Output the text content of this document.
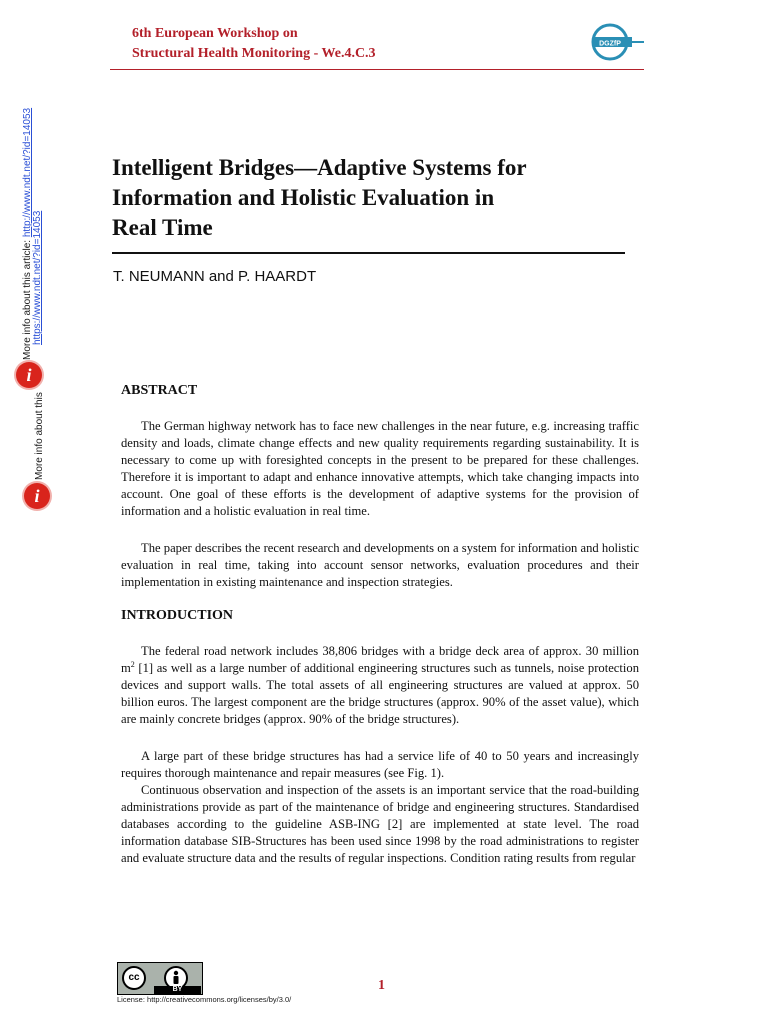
6th European Workshop on
Structural Health Monitoring - We.4.C.3
DGZfP
More info about this article: http://www.ndt.net/?id=14053
https://www.ndt.net/?id=14053
i
More info about this
i
Intelligent Bridges—Adaptive Systems for
Information and Holistic Evaluation in
Real Time
T. NEUMANN and P. HAARDT
ABSTRACT
The German highway network has to face new challenges in the near future, e.g. increasing traffic density and loads, climate change effects and new quality requirements regarding sustainability. It is necessary to come up with foresighted concepts in the present to be prepared for these challenges. Therefore it is important to adapt and enhance innovative attempts, which take changing impacts into account. One goal of these efforts is the development of adaptive systems for the provision of information and a holistic evaluation in real time.
The paper describes the recent research and developments on a system for information and holistic evaluation in real time, taking into account sensor networks, evaluation procedures and their implementation in existing maintenance and inspection strategies.
INTRODUCTION
The federal road network includes 38,806 bridges with a bridge deck area of approx. 30 million $m^2$ [1] as well as a large number of additional engineering structures such as tunnels, noise protection devices and support walls. The total assets of all engineering structures are valued at approx. 50 billion euros. The largest component are the bridge structures (approx. 90% of the asset value), which are mainly concrete bridges (approx. 90% of the bridge structures).
A large part of these bridge structures has had a service life of 40 to 50 years and increasingly requires thorough maintenance and repair measures (see Fig. 1).
Continuous observation and inspection of the assets is an important service that the road-building administrations provide as part of the maintenance of bridge and engineering structures. Standardised databases according to the guideline ASB-ING [2] are implemented at state level. The road information database SIB-Structures has been used since 1998 by the road administrations to register and evaluate structure data and the results of regular inspections. Condition rating results from regular
cc
BY
License: http://creativecommons.org/licenses/by/3.0/
1
